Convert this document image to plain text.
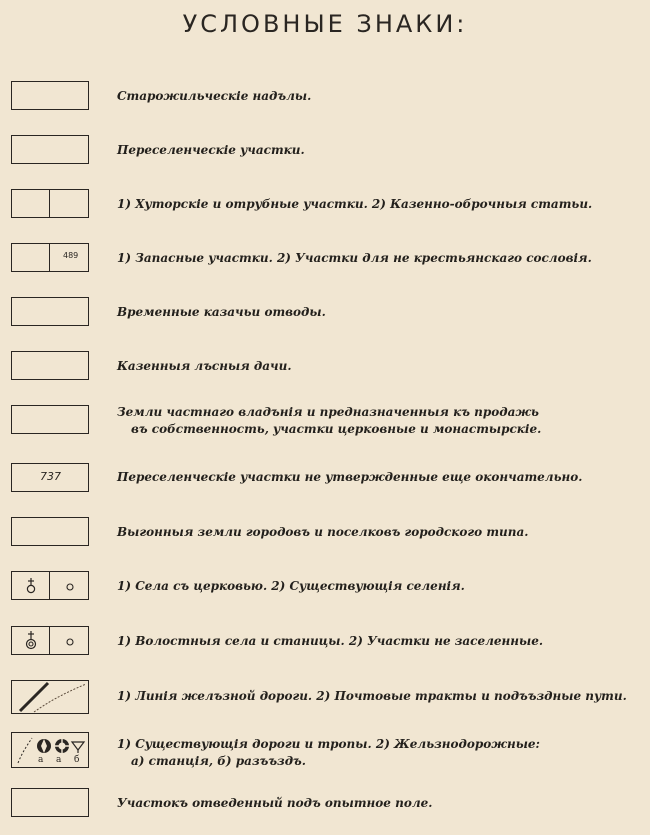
УСЛОВНЫЕ ЗНАКИ:
Старожильческіе надълы.
Переселенческіе участки.
1) Хуторскіе и отрубные участки. 2) Казенно-оброчныя статьи.
489	1) Запасные участки. 2) Участки для не крестьянскаго сословія.
Временные казачьи отводы.
Казенныя лъсныя дачи.
Земли частнаго владънія и предназначенныя къ продажь
въ собственность, участки церковные и монастырскіе.
737	Переселенческіе участки не утвержденные еще окончательно.
Выгонныя земли городовъ и поселковъ городского типа.
1) Села съ церковью. 2) Существующія селенія.
1) Волостныя села и станицы. 2) Участки не заселенные.
1) Линія желъзной дороги. 2) Почтовые тракты и подъъздные пути.
а а б
1) Существующія дороги и тропы. 2) Жельзнодорожные:
а) станція, б) разъъздъ.
Участокъ отведенный подъ опытное поле.
